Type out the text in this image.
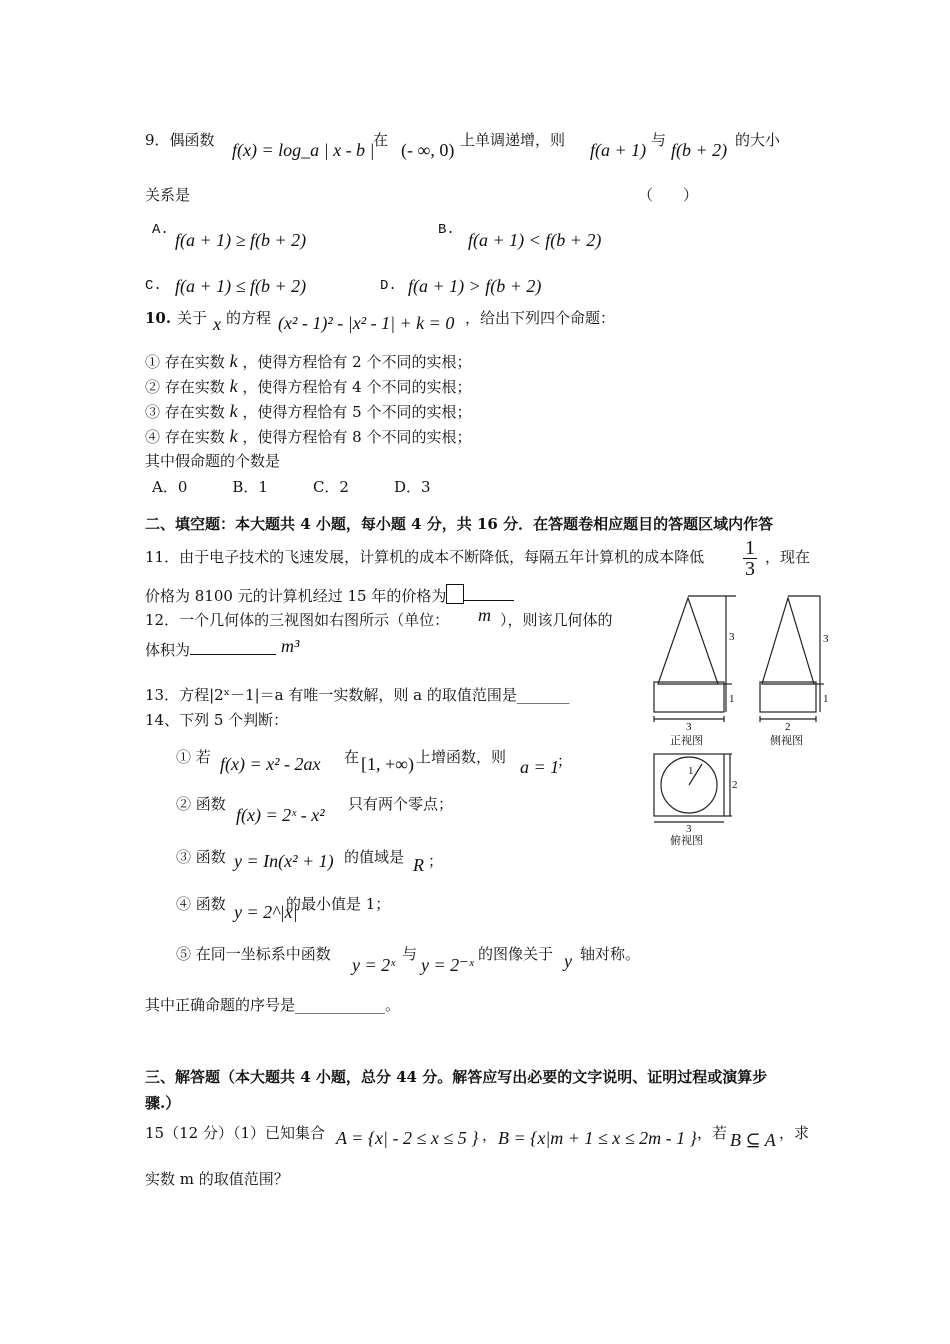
9．偶函数 f(x) = log_a | x - b |
在 (- ∞, 0) 上单调递增，则 f(a + 1) 与 f(b + 2) 的大小
关系是	（　　）
A. f(a + 1) ≥ f(b + 2)	B. f(a + 1) < f(b + 2)
C. f(a + 1) ≤ f(b + 2)	D. f(a + 1) > f(b + 2)
10. 关于 x 的方程 (x² - 1)² - |x² - 1| + k = 0 ，给出下列四个命题：
① 存在实数 k ，使得方程恰有 2 个不同的实根；
② 存在实数 k ，使得方程恰有 4 个不同的实根；
③ 存在实数 k ，使得方程恰有 5 个不同的实根；
④ 存在实数 k ，使得方程恰有 8 个不同的实根；
其中假命题的个数是
A．0　　　B．1　　　C．2　　　D．3
二、填空题：本大题共 4 小题，每小题 4 分，共 16 分．在答题卷相应题目的答题区域内作答
11．由于电子技术的飞速发展，计算机的成本不断降低，每隔五年计算机的成本降低 $\frac{1}{3}$ ，现在
价格为 8100 元的计算机经过 15 年的价格为
12．一个几何体的三视图如右图所示（单位： m ），则该几何体的
体积为	m³
13．方程|2ˣ－1|＝a 有唯一实数解，则 a 的取值范围是_______
14、下列 5 个判断：
① 若 f(x) = x² - 2ax 在 [1, +∞) 上增函数，则 a = 1
；
② 函数
f(x) = 2ˣ - x²
只有两个零点；
③ 函数 y = In(x² + 1) 的值域是 R ；
④ 函数 y = 2^|x|
的最小值是 1；
⑤ 在同一坐标系中函数
y = 2ˣ
与
y = 2⁻ˣ
的图像关于 y 轴对称。
其中正确命题的序号是____________。
三、解答题（本大题共 4 小题，总分 44 分。解答应写出必要的文字说明、证明过程或演算步
骤.）
15（12 分）（1）已知集合 A = {x| - 2 ≤ x ≤ 5 } ， B = {x|m + 1 ≤ x ≤ 2m - 1 } ，若 B ⊆ A ，求
实数 m 的取值范围？
3
1
3
3
1
2
2
3
1
正视图	侧视图
俯视图
